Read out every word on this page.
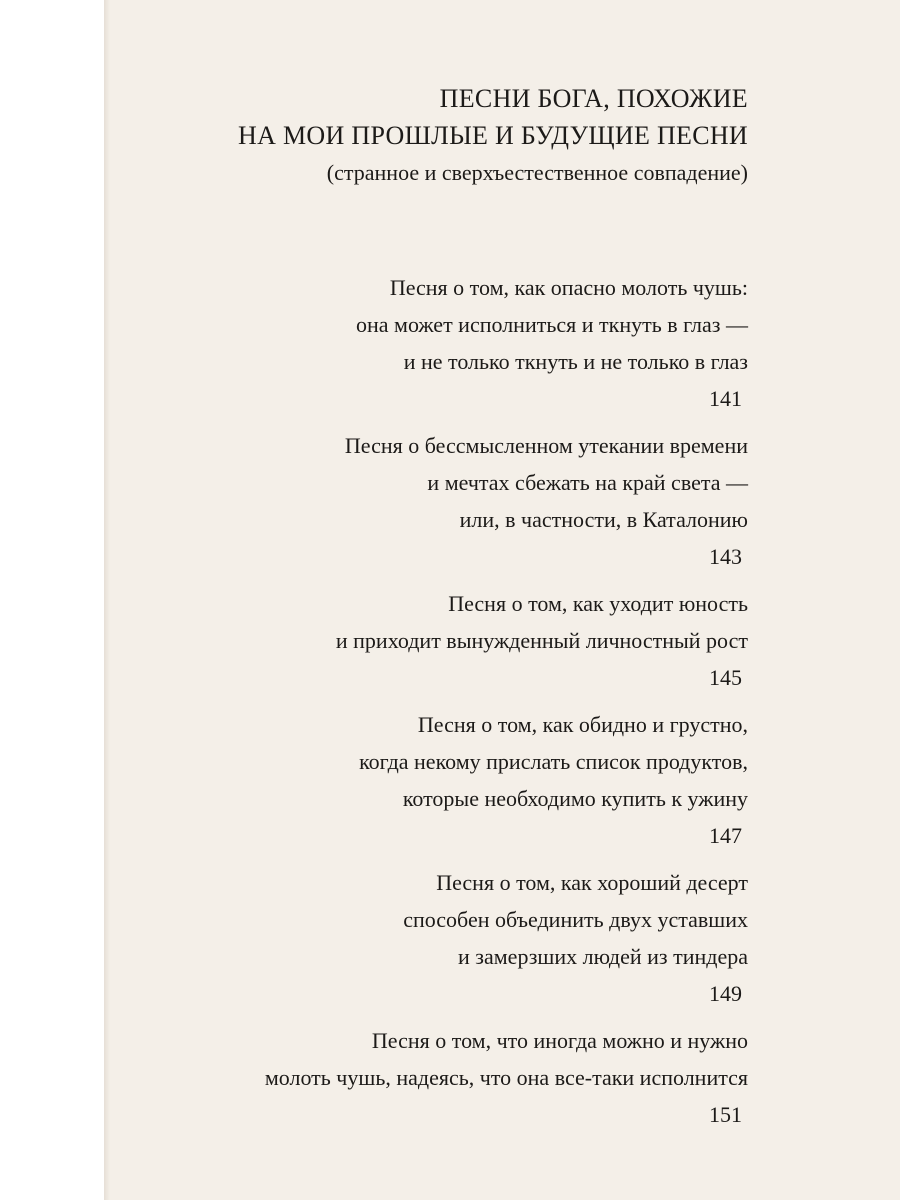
ПЕСНИ БОГА, ПОХОЖИЕ
НА МОИ ПРОШЛЫЕ И БУДУЩИЕ ПЕСНИ
(странное и сверхъестественное совпадение)
Песня о том, как опасно молоть чушь:
она может исполниться и ткнуть в глаз —
и не только ткнуть и не только в глаз
141
Песня о бессмысленном утекании времени
и мечтах сбежать на край света —
или, в частности, в Каталонию
143
Песня о том, как уходит юность
и приходит вынужденный личностный рост
145
Песня о том, как обидно и грустно,
когда некому прислать список продуктов,
которые необходимо купить к ужину
147
Песня о том, как хороший десерт
способен объединить двух уставших
и замерзших людей из тиндера
149
Песня о том, что иногда можно и нужно
молоть чушь, надеясь, что она все-таки исполнится
151
